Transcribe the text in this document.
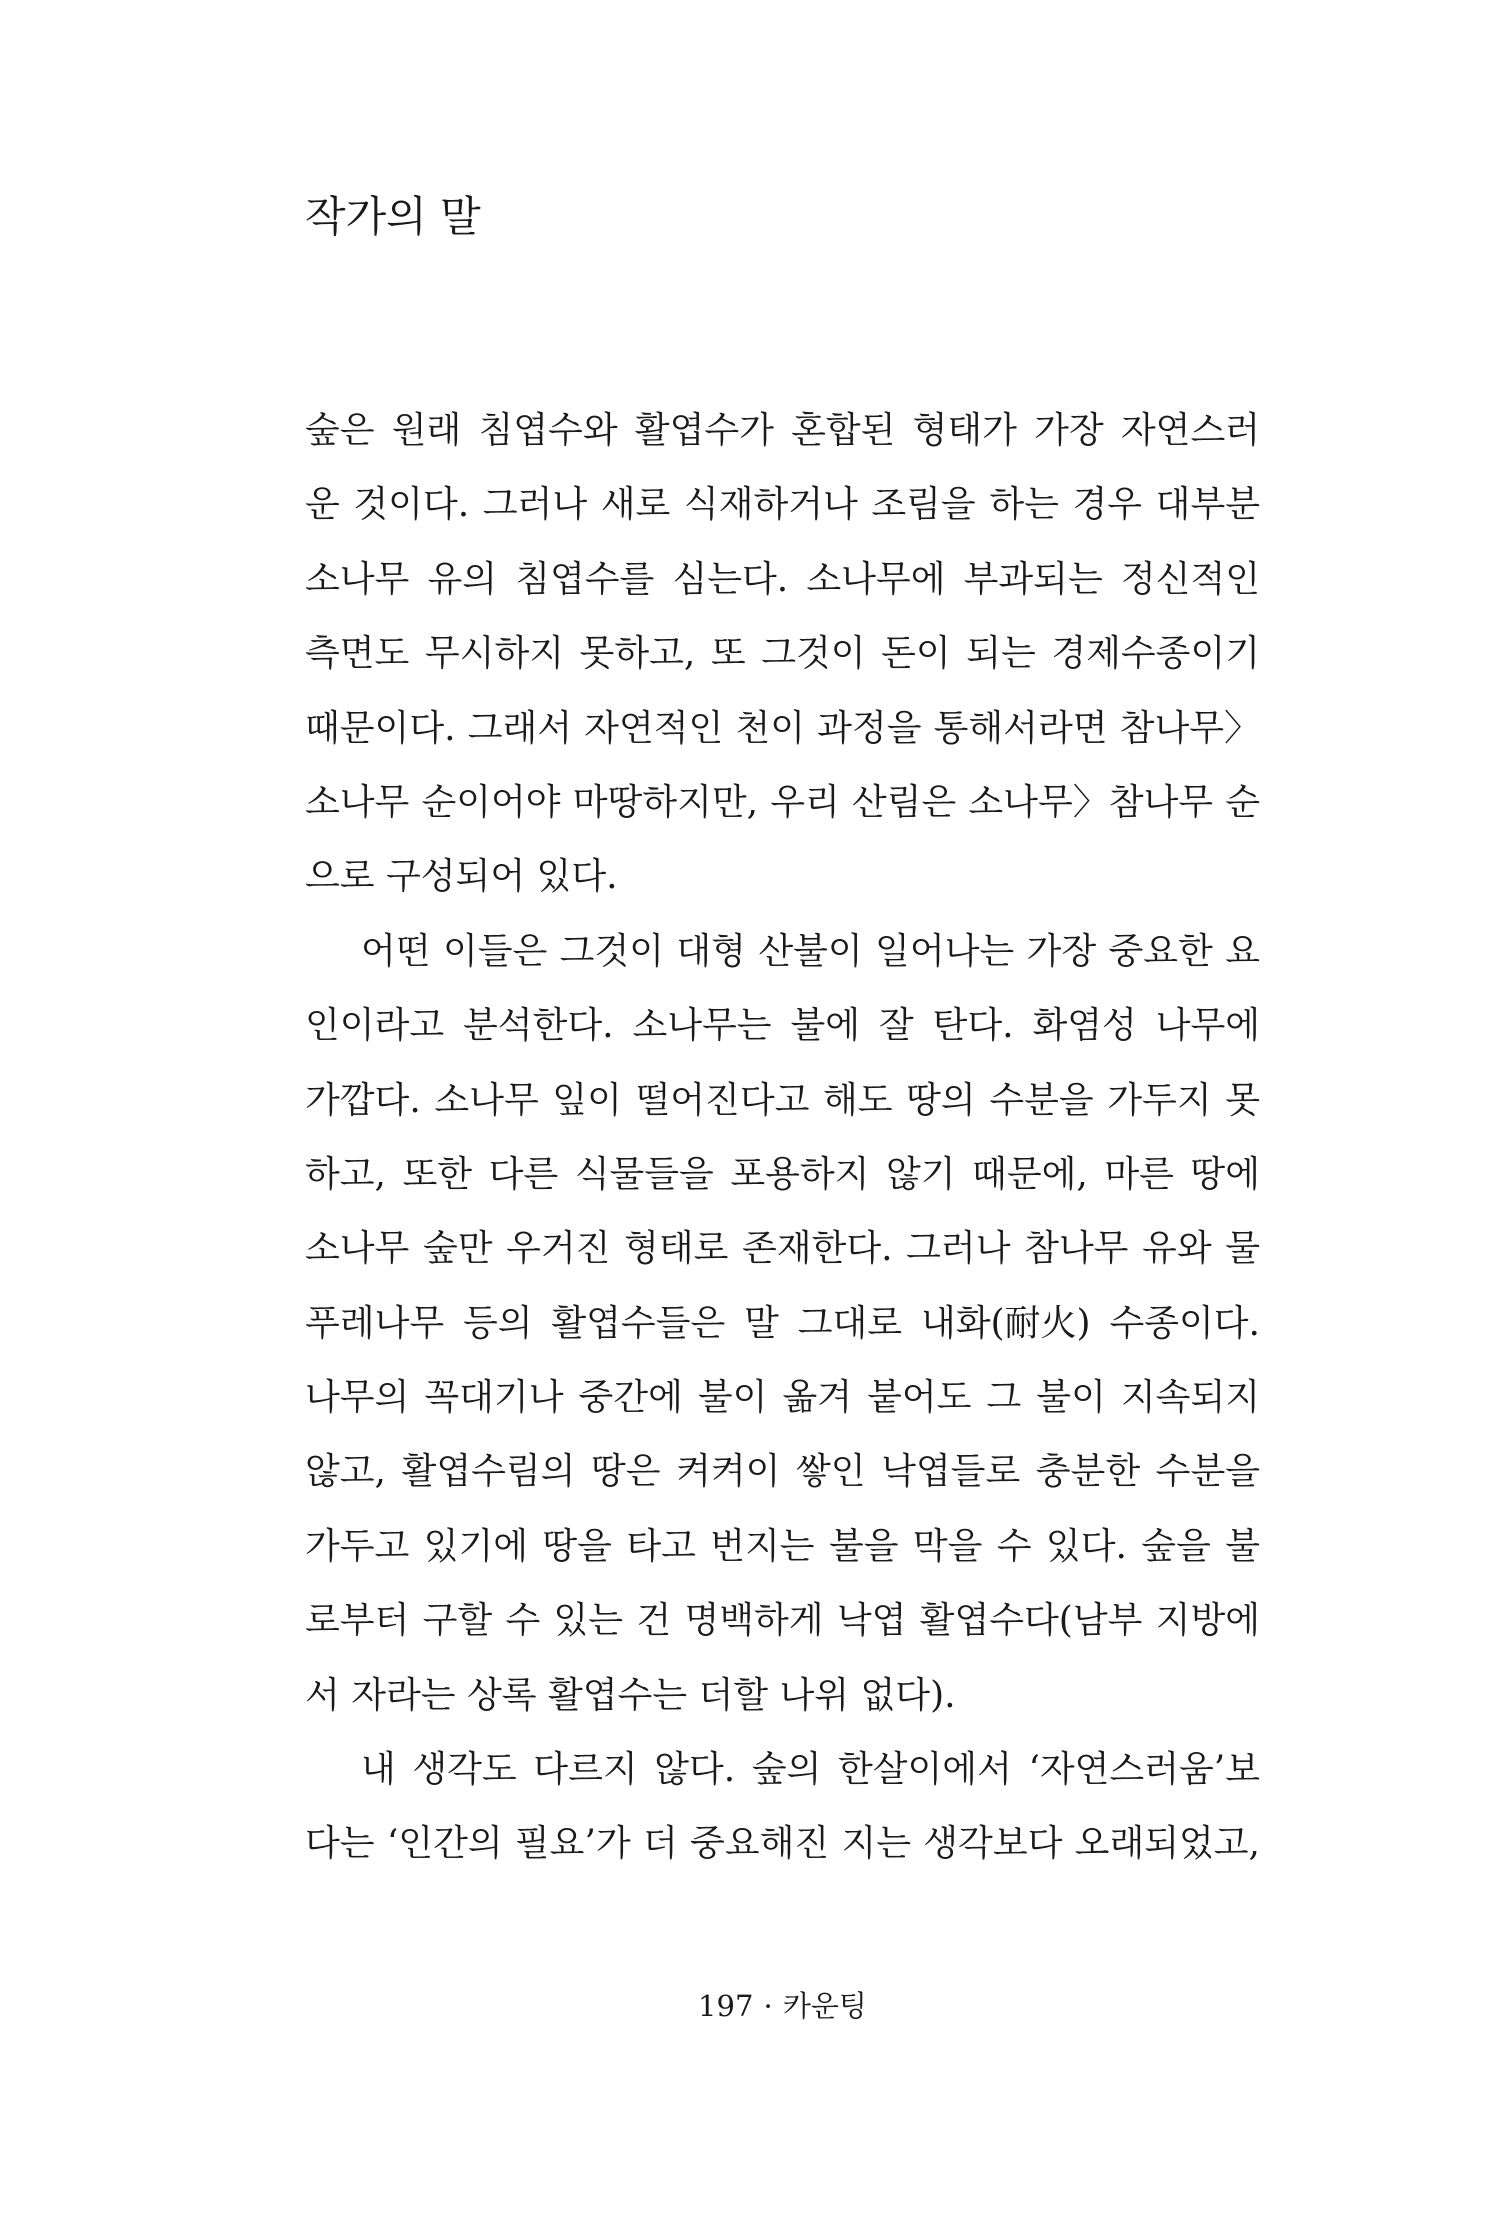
작가의 말
숲은 원래 침엽수와 활엽수가 혼합된 형태가 가장 자연스러
운 것이다. 그러나 새로 식재하거나 조림을 하는 경우 대부분
소나무 유의 침엽수를 심는다. 소나무에 부과되는 정신적인
측면도 무시하지 못하고, 또 그것이 돈이 되는 경제수종이기
때문이다. 그래서 자연적인 천이 과정을 통해서라면 참나무〉
소나무 순이어야 마땅하지만, 우리 산림은 소나무〉참나무 순
으로 구성되어 있다.
어떤 이들은 그것이 대형 산불이 일어나는 가장 중요한 요
인이라고 분석한다. 소나무는 불에 잘 탄다. 화염성 나무에
가깝다. 소나무 잎이 떨어진다고 해도 땅의 수분을 가두지 못
하고, 또한 다른 식물들을 포용하지 않기 때문에, 마른 땅에
소나무 숲만 우거진 형태로 존재한다. 그러나 참나무 유와 물
푸레나무 등의 활엽수들은 말 그대로 내화(耐火) 수종이다.
나무의 꼭대기나 중간에 불이 옮겨 붙어도 그 불이 지속되지
않고, 활엽수림의 땅은 켜켜이 쌓인 낙엽들로 충분한 수분을
가두고 있기에 땅을 타고 번지는 불을 막을 수 있다. 숲을 불
로부터 구할 수 있는 건 명백하게 낙엽 활엽수다(남부 지방에
서 자라는 상록 활엽수는 더할 나위 없다).
내 생각도 다르지 않다. 숲의 한살이에서 ‘자연스러움’보
다는 ‘인간의 필요’가 더 중요해진 지는 생각보다 오래되었고,
197 · 카운팅
